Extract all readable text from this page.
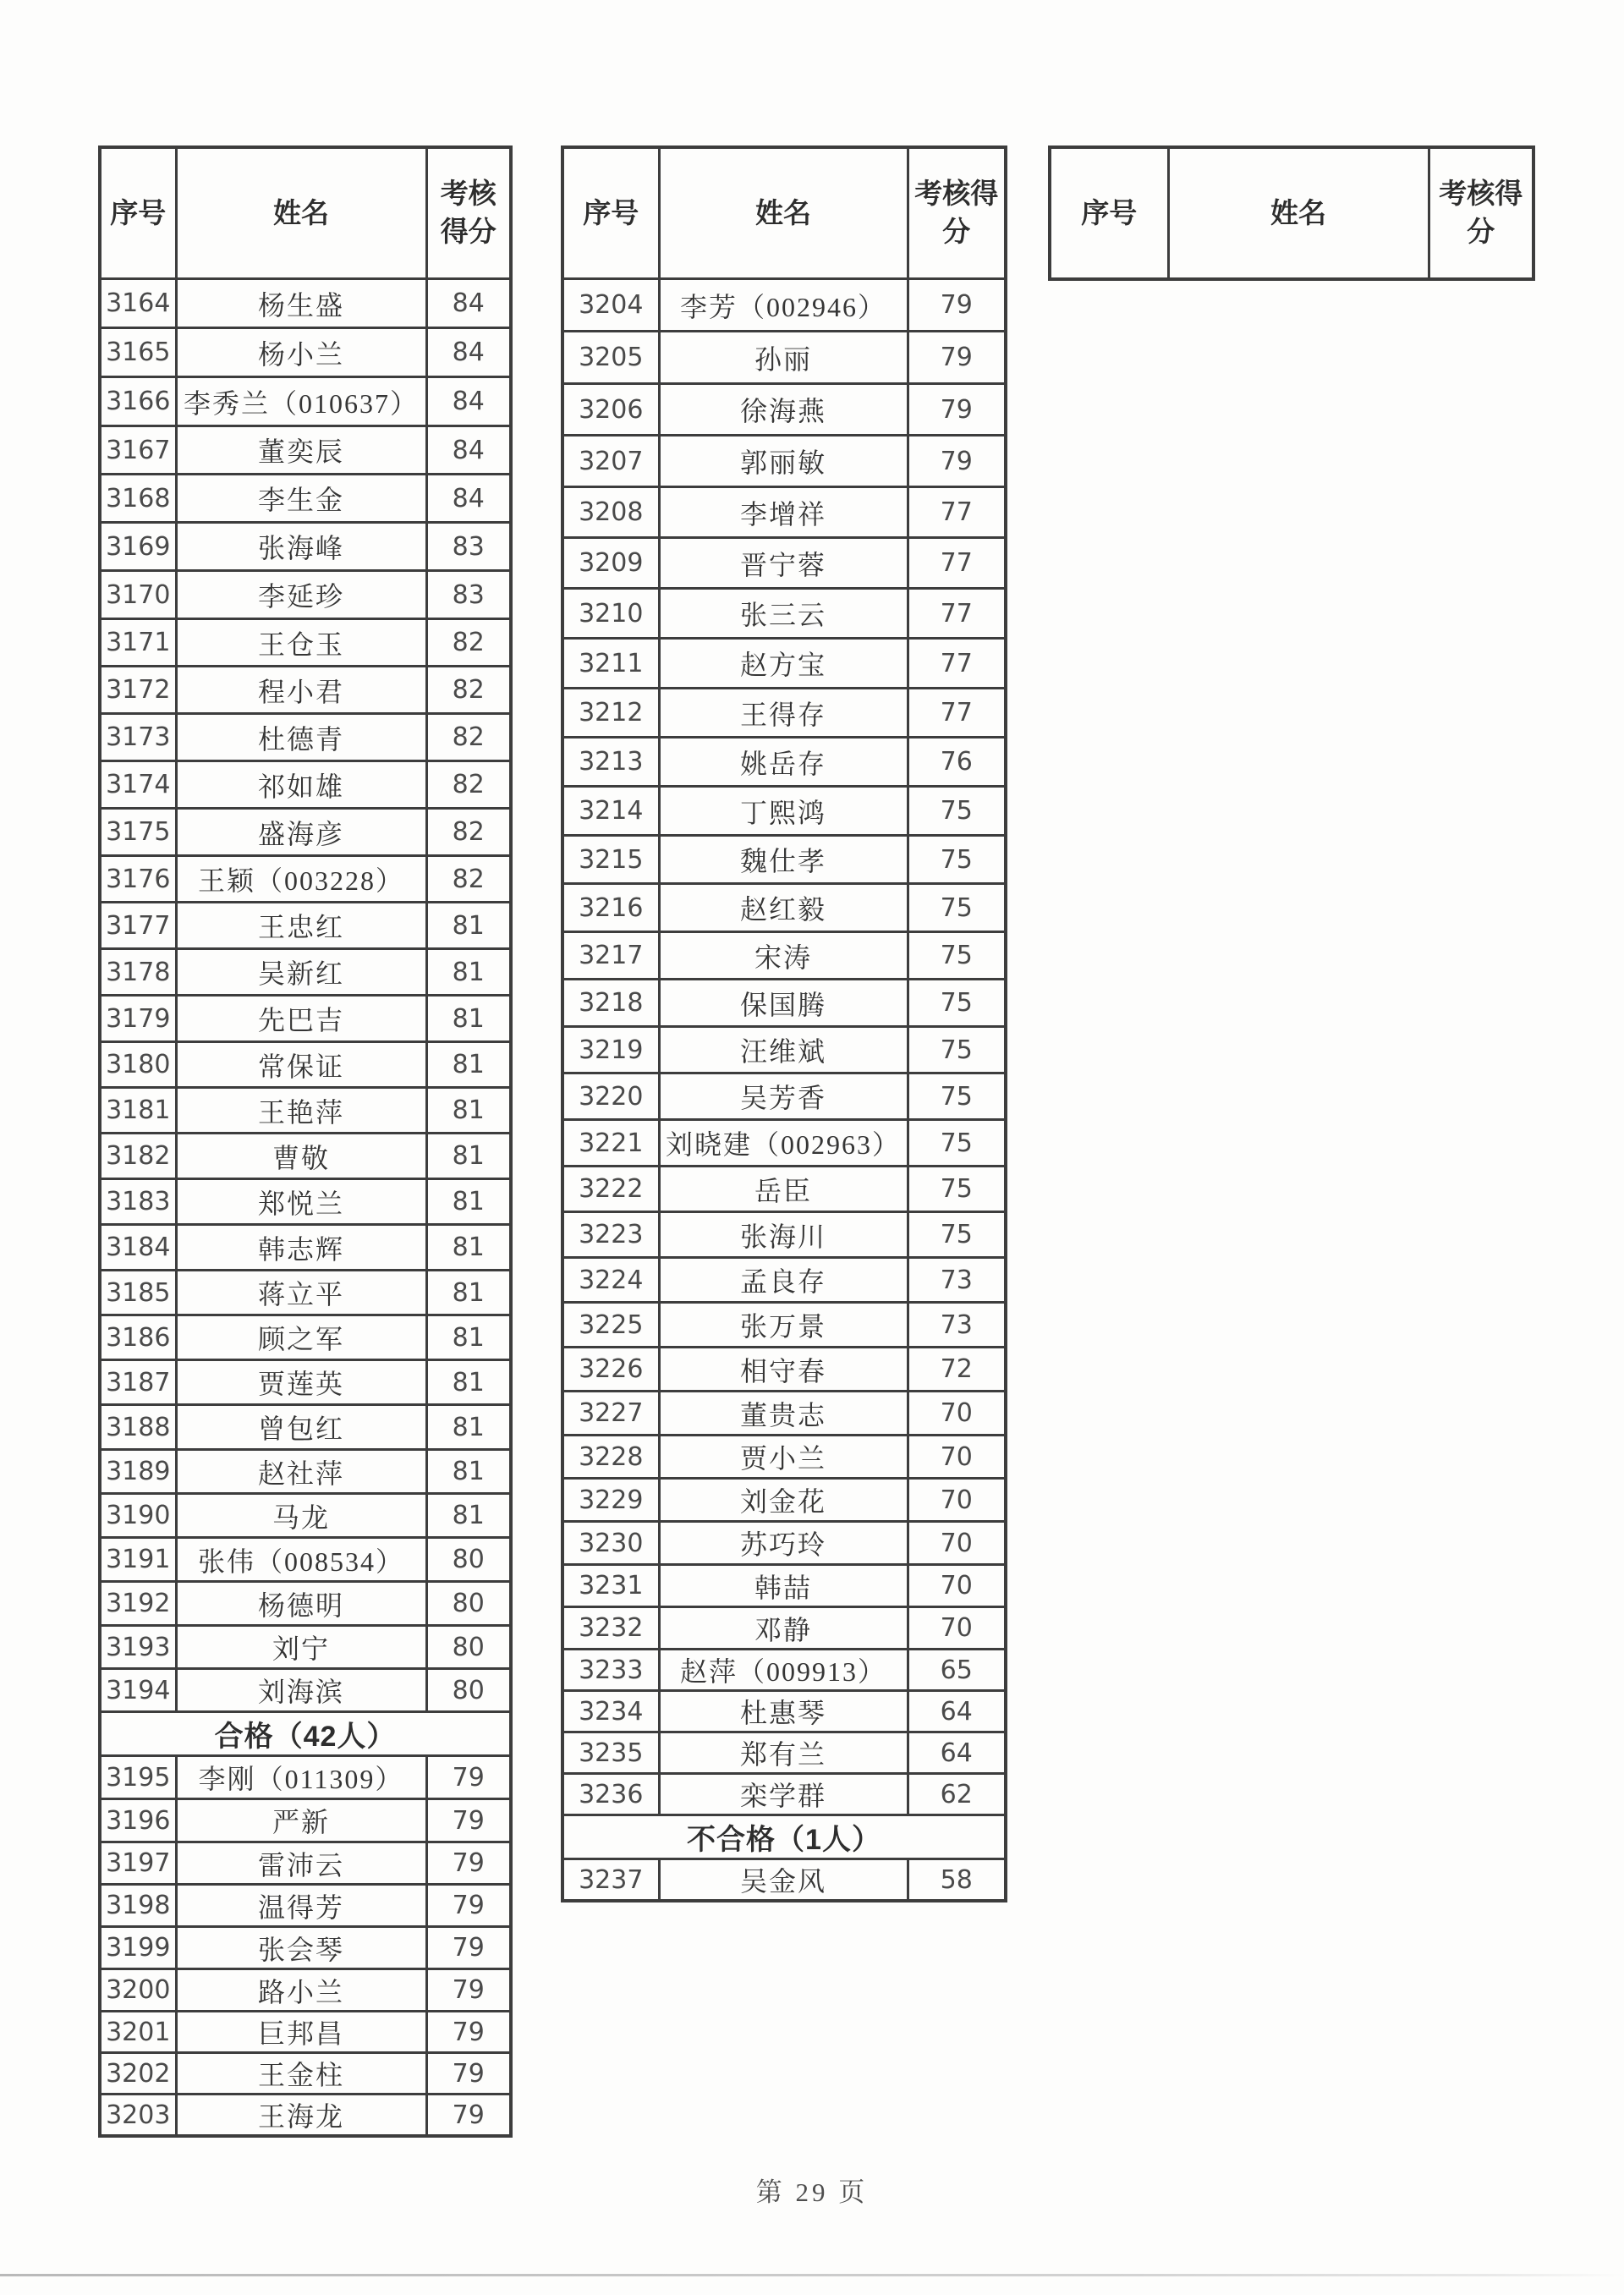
序号	姓名	考核得分
3164	杨生盛	84
3165	杨小兰	84
3166	李秀兰（010637）	84
3167	董奕辰	84
3168	李生金	84
3169	张海峰	83
3170	李延珍	83
3171	王仓玉	82
3172	程小君	82
3173	杜德青	82
3174	祁如雄	82
3175	盛海彦	82
3176	王颖（003228）	82
3177	王忠红	81
3178	吴新红	81
3179	先巴吉	81
3180	常保证	81
3181	王艳萍	81
3182	曹敬	81
3183	郑悦兰	81
3184	韩志辉	81
3185	蒋立平	81
3186	顾之军	81
3187	贾莲英	81
3188	曾包红	81
3189	赵社萍	81
3190	马龙	81
3191	张伟（008534）	80
3192	杨德明	80
3193	刘宁	80
3194	刘海滨	80
合格（42人）		
3195	李刚（011309）	79
3196	严新	79
3197	雷沛云	79
3198	温得芳	79
3199	张会琴	79
3200	路小兰	79
3201	巨邦昌	79
3202	王金柱	79
3203	王海龙	79
序号	姓名	考核得分
3204	李芳（002946）	79
3205	孙丽	79
3206	徐海燕	79
3207	郭丽敏	79
3208	李增祥	77
3209	晋宁蓉	77
3210	张三云	77
3211	赵方宝	77
3212	王得存	77
3213	姚岳存	76
3214	丁熙鸿	75
3215	魏仕孝	75
3216	赵红毅	75
3217	宋涛	75
3218	保国腾	75
3219	汪维斌	75
3220	吴芳香	75
3221	刘晓建（002963）	75
3222	岳臣	75
3223	张海川	75
3224	孟良存	73
3225	张万景	73
3226	相守春	72
3227	董贵志	70
3228	贾小兰	70
3229	刘金花	70
3230	苏巧玲	70
3231	韩喆	70
3232	邓静	70
3233	赵萍（009913）	65
3234	杜惠琴	64
3235	郑有兰	64
3236	栾学群	62
不合格（1人）		
3237	吴金风	58
序号	姓名	考核得分
第 29 页
